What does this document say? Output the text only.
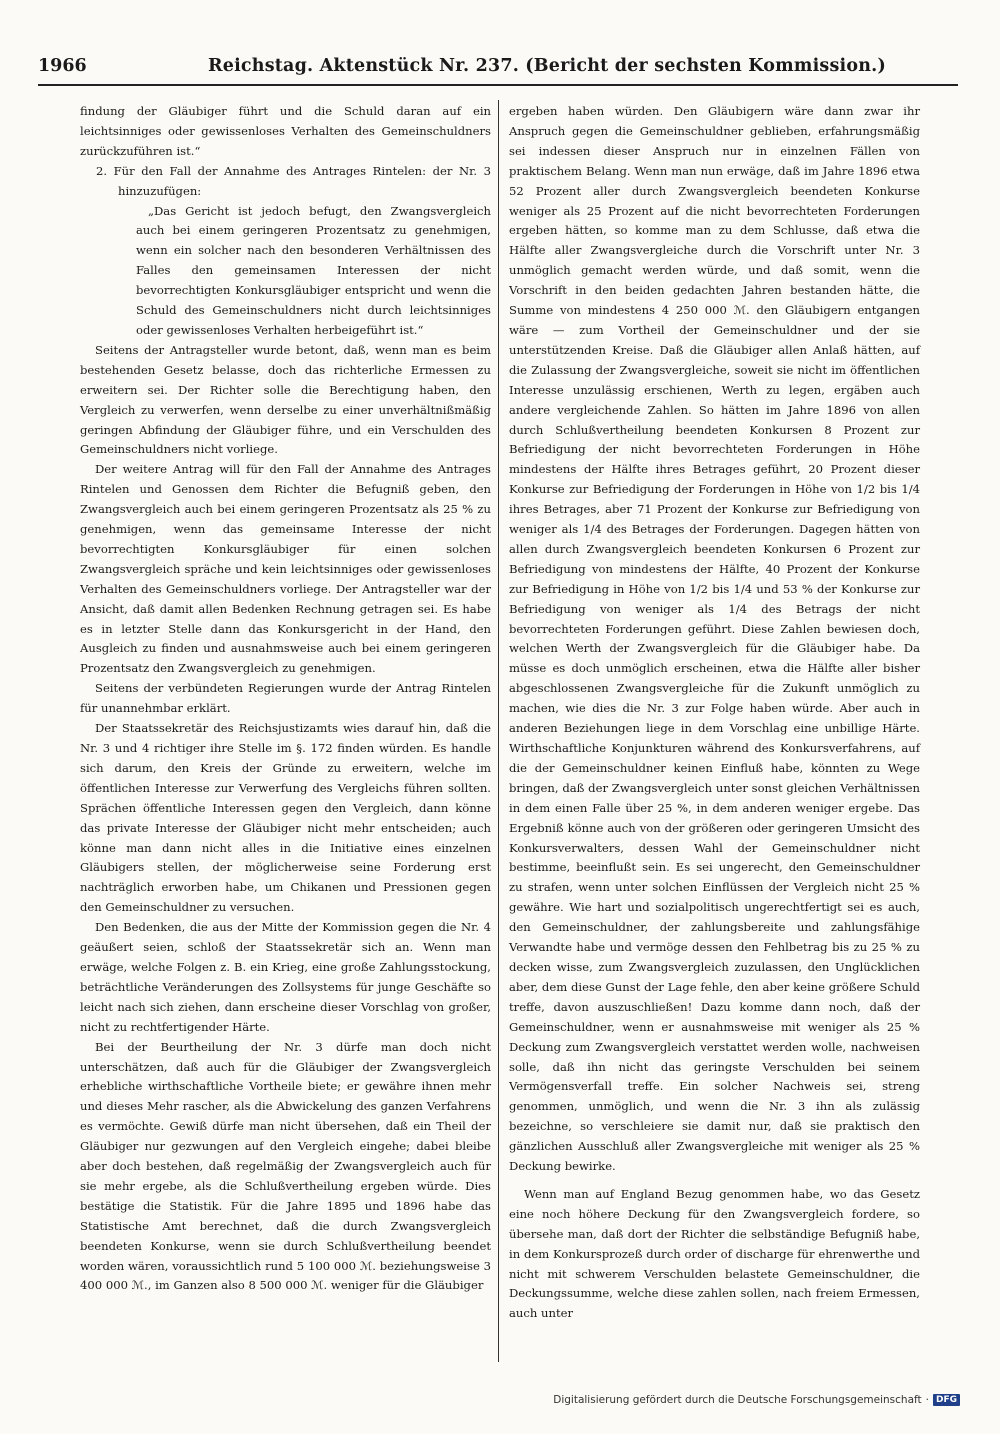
1966	Reichstag. Aktenstück Nr. 237. (Bericht der sechsten Kommission.)

findung der Gläubiger führt und die Schuld daran auf ein leichtsinniges oder gewissenloses Verhalten des Gemeinschuldners zurückzuführen ist.“

2. Für den Fall der Annahme des Antrages Rintelen: der Nr. 3 hinzuzufügen:

„Das Gericht ist jedoch befugt, den Zwangsvergleich auch bei einem geringeren Prozentsatz zu genehmigen, wenn ein solcher nach den besonderen Verhältnissen des Falles den gemeinsamen Interessen der nicht bevorrechtigten Konkursgläubiger entspricht und wenn die Schuld des Gemeinschuldners nicht durch leichtsinniges oder gewissenloses Verhalten herbeigeführt ist.“

Seitens der Antragsteller wurde betont, daß, wenn man es beim bestehenden Gesetz belasse, doch das richterliche Ermessen zu erweitern sei. Der Richter solle die Berechtigung haben, den Vergleich zu verwerfen, wenn derselbe zu einer unverhältnißmäßig geringen Abfindung der Gläubiger führe, und ein Verschulden des Gemeinschuldners nicht vorliege.

Der weitere Antrag will für den Fall der Annahme des Antrages Rintelen und Genossen dem Richter die Befugniß geben, den Zwangsvergleich auch bei einem geringeren Prozentsatz als 25 % zu genehmigen, wenn das gemeinsame Interesse der nicht bevorrechtigten Konkursgläubiger für einen solchen Zwangsvergleich spräche und kein leichtsinniges oder gewissenloses Verhalten des Gemeinschuldners vorliege. Der Antragsteller war der Ansicht, daß damit allen Bedenken Rechnung getragen sei. Es habe es in letzter Stelle dann das Konkursgericht in der Hand, den Ausgleich zu finden und ausnahmsweise auch bei einem geringeren Prozentsatz den Zwangsvergleich zu genehmigen.

Seitens der verbündeten Regierungen wurde der Antrag Rintelen für unannehmbar erklärt.

Der Staatssekretär des Reichsjustizamts wies darauf hin, daß die Nr. 3 und 4 richtiger ihre Stelle im §. 172 finden würden. Es handle sich darum, den Kreis der Gründe zu erweitern, welche im öffentlichen Interesse zur Verwerfung des Vergleichs führen sollten. Sprächen öffentliche Interessen gegen den Vergleich, dann könne das private Interesse der Gläubiger nicht mehr entscheiden; auch könne man dann nicht alles in die Initiative eines einzelnen Gläubigers stellen, der möglicherweise seine Forderung erst nachträglich erworben habe, um Chikanen und Pressionen gegen den Gemeinschuldner zu versuchen.

Den Bedenken, die aus der Mitte der Kommission gegen die Nr. 4 geäußert seien, schloß der Staatssekretär sich an. Wenn man erwäge, welche Folgen z. B. ein Krieg, eine große Zahlungsstockung, beträchtliche Veränderungen des Zollsystems für junge Geschäfte so leicht nach sich ziehen, dann erscheine dieser Vorschlag von großer, nicht zu rechtfertigender Härte.

Bei der Beurtheilung der Nr. 3 dürfe man doch nicht unterschätzen, daß auch für die Gläubiger der Zwangsvergleich erhebliche wirthschaftliche Vortheile biete; er gewähre ihnen mehr und dieses Mehr rascher, als die Abwickelung des ganzen Verfahrens es vermöchte. Gewiß dürfe man nicht übersehen, daß ein Theil der Gläubiger nur gezwungen auf den Vergleich eingehe; dabei bleibe aber doch bestehen, daß regelmäßig der Zwangsvergleich auch für sie mehr ergebe, als die Schlußvertheilung ergeben würde. Dies bestätige die Statistik. Für die Jahre 1895 und 1896 habe das Statistische Amt berechnet, daß die durch Zwangsvergleich beendeten Konkurse, wenn sie durch Schlußvertheilung beendet worden wären, voraussichtlich rund 5 100 000 ℳ. beziehungsweise 3 400 000 ℳ., im Ganzen also 8 500 000 ℳ. weniger für die Gläubiger

ergeben haben würden. Den Gläubigern wäre dann zwar ihr Anspruch gegen die Gemeinschuldner geblieben, erfahrungsmäßig sei indessen dieser Anspruch nur in einzelnen Fällen von praktischem Belang. Wenn man nun erwäge, daß im Jahre 1896 etwa 52 Prozent aller durch Zwangsvergleich beendeten Konkurse weniger als 25 Prozent auf die nicht bevorrechteten Forderungen ergeben hätten, so komme man zu dem Schlusse, daß etwa die Hälfte aller Zwangsvergleiche durch die Vorschrift unter Nr. 3 unmöglich gemacht werden würde, und daß somit, wenn die Vorschrift in den beiden gedachten Jahren bestanden hätte, die Summe von mindestens 4 250 000 ℳ. den Gläubigern entgangen wäre — zum Vortheil der Gemeinschuldner und der sie unterstützenden Kreise. Daß die Gläubiger allen Anlaß hätten, auf die Zulassung der Zwangsvergleiche, soweit sie nicht im öffentlichen Interesse unzulässig erschienen, Werth zu legen, ergäben auch andere vergleichende Zahlen. So hätten im Jahre 1896 von allen durch Schlußvertheilung beendeten Konkursen 8 Prozent zur Befriedigung der nicht bevorrechteten Forderungen in Höhe mindestens der Hälfte ihres Betrages geführt, 20 Prozent dieser Konkurse zur Befriedigung der Forderungen in Höhe von 1/2 bis 1/4 ihres Betrages, aber 71 Prozent der Konkurse zur Befriedigung von weniger als 1/4 des Betrages der Forderungen. Dagegen hätten von allen durch Zwangsvergleich beendeten Konkursen 6 Prozent zur Befriedigung von mindestens der Hälfte, 40 Prozent der Konkurse zur Befriedigung in Höhe von 1/2 bis 1/4 und 53 % der Konkurse zur Befriedigung von weniger als 1/4 des Betrags der nicht bevorrechteten Forderungen geführt. Diese Zahlen bewiesen doch, welchen Werth der Zwangsvergleich für die Gläubiger habe. Da müsse es doch unmöglich erscheinen, etwa die Hälfte aller bisher abgeschlossenen Zwangsvergleiche für die Zukunft unmöglich zu machen, wie dies die Nr. 3 zur Folge haben würde. Aber auch in anderen Beziehungen liege in dem Vorschlag eine unbillige Härte. Wirthschaftliche Konjunkturen während des Konkursverfahrens, auf die der Gemeinschuldner keinen Einfluß habe, könnten zu Wege bringen, daß der Zwangsvergleich unter sonst gleichen Verhältnissen in dem einen Falle über 25 %, in dem anderen weniger ergebe. Das Ergebniß könne auch von der größeren oder geringeren Umsicht des Konkursverwalters, dessen Wahl der Gemeinschuldner nicht bestimme, beeinflußt sein. Es sei ungerecht, den Gemeinschuldner zu strafen, wenn unter solchen Einflüssen der Vergleich nicht 25 % gewähre. Wie hart und sozialpolitisch ungerechtfertigt sei es auch, den Gemeinschuldner, der zahlungsbereite und zahlungsfähige Verwandte habe und vermöge dessen den Fehlbetrag bis zu 25 % zu decken wisse, zum Zwangsvergleich zuzulassen, den Unglücklichen aber, dem diese Gunst der Lage fehle, den aber keine größere Schuld treffe, davon auszuschließen! Dazu komme dann noch, daß der Gemeinschuldner, wenn er ausnahmsweise mit weniger als 25 % Deckung zum Zwangsvergleich verstattet werden wolle, nachweisen solle, daß ihn nicht das geringste Verschulden bei seinem Vermögensverfall treffe. Ein solcher Nachweis sei, streng genommen, unmöglich, und wenn die Nr. 3 ihn als zulässig bezeichne, so verschleiere sie damit nur, daß sie praktisch den gänzlichen Ausschluß aller Zwangsvergleiche mit weniger als 25 % Deckung bewirke.

Wenn man auf England Bezug genommen habe, wo das Gesetz eine noch höhere Deckung für den Zwangsvergleich fordere, so übersehe man, daß dort der Richter die selbständige Befugniß habe, in dem Konkursprozeß durch order of discharge für ehrenwerthe und nicht mit schwerem Verschulden belastete Gemeinschuldner, die Deckungssumme, welche diese zahlen sollen, nach freiem Ermessen, auch unter

Digitalisierung gefördert durch die Deutsche Forschungsgemeinschaft · DFG
